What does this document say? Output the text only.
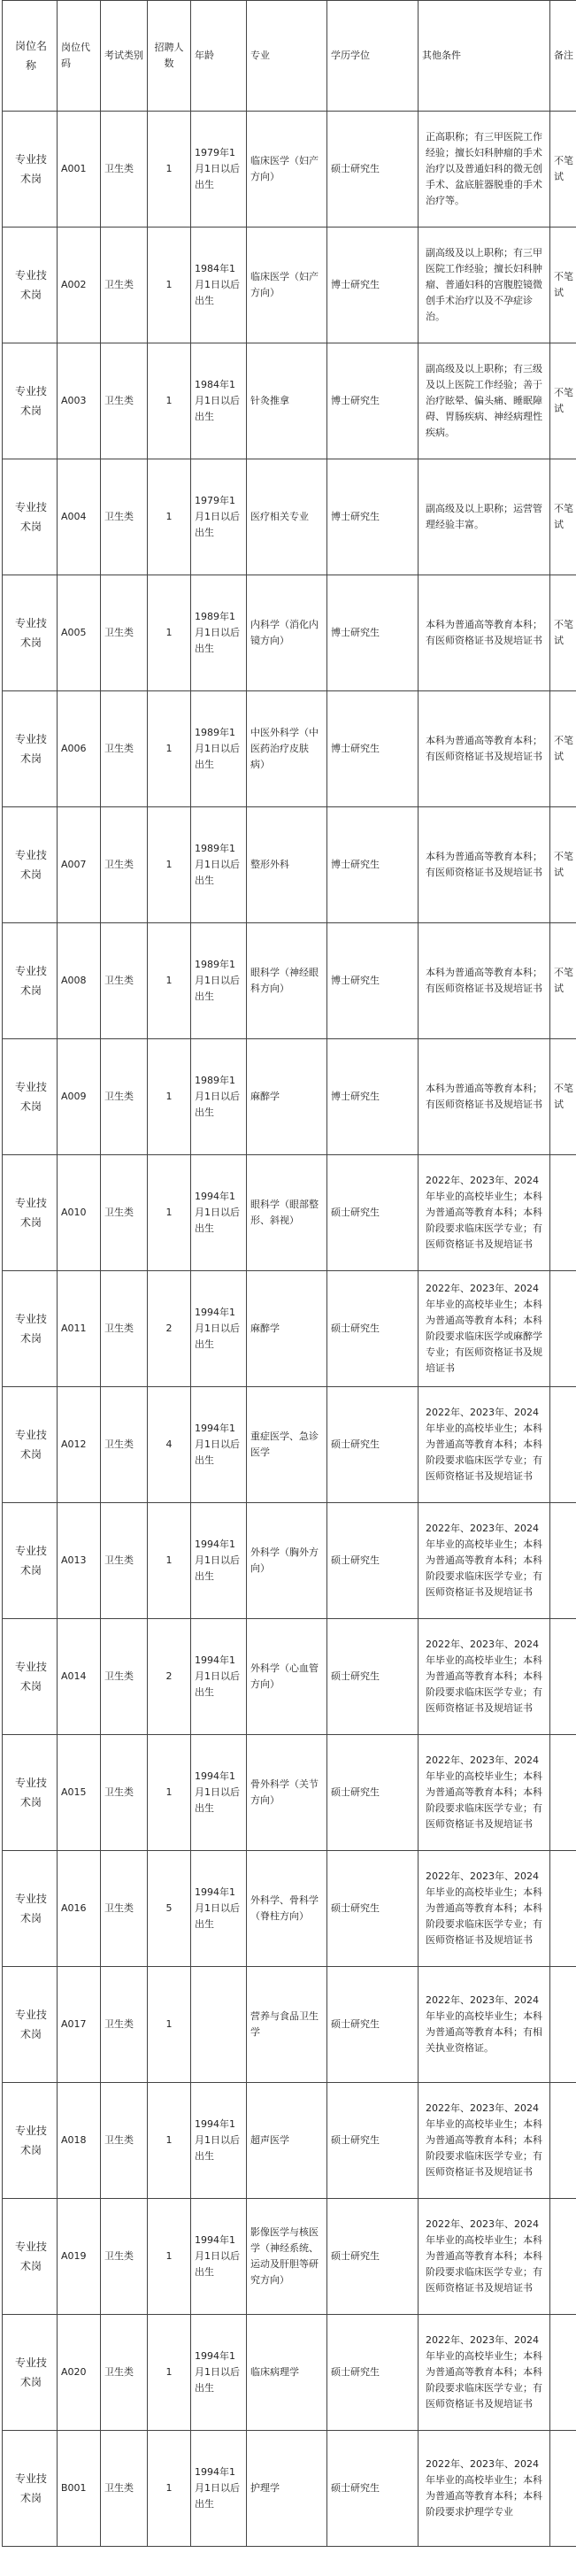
岗位名称	岗位代码	考试类别	招聘人数	年龄	专业	学历学位	其他条件	备注
专业技术岗	A001	卫生类	1	1979年1月1日以后出生	临床医学（妇产方向）	硕士研究生	正高职称；有三甲医院工作经验；擅长妇科肿瘤的手术治疗以及普通妇科的微无创手术、盆底脏器脱垂的手术治疗等。	不笔试
专业技术岗	A002	卫生类	1	1984年1月1日以后出生	临床医学（妇产方向）	博士研究生	副高级及以上职称；有三甲医院工作经验；擅长妇科肿瘤、普通妇科的宫腹腔镜微创手术治疗以及不孕症诊治。	不笔试
专业技术岗	A003	卫生类	1	1984年1月1日以后出生	针灸推拿	博士研究生	副高级及以上职称；有三级及以上医院工作经验；善于治疗眩晕、偏头痛、睡眠障碍、胃肠疾病、神经病理性疾病。	不笔试
专业技术岗	A004	卫生类	1	1979年1月1日以后出生	医疗相关专业	博士研究生	副高级及以上职称；运营管理经验丰富。	不笔试
专业技术岗	A005	卫生类	1	1989年1月1日以后出生	内科学（消化内镜方向）	博士研究生	本科为普通高等教育本科；有医师资格证书及规培证书	不笔试
专业技术岗	A006	卫生类	1	1989年1月1日以后出生	中医外科学（中医药治疗皮肤病）	博士研究生	本科为普通高等教育本科；有医师资格证书及规培证书	不笔试
专业技术岗	A007	卫生类	1	1989年1月1日以后出生	整形外科	博士研究生	本科为普通高等教育本科；有医师资格证书及规培证书	不笔试
专业技术岗	A008	卫生类	1	1989年1月1日以后出生	眼科学（神经眼科方向）	博士研究生	本科为普通高等教育本科；有医师资格证书及规培证书	不笔试
专业技术岗	A009	卫生类	1	1989年1月1日以后出生	麻醉学	博士研究生	本科为普通高等教育本科；有医师资格证书及规培证书	不笔试
专业技术岗	A010	卫生类	1	1994年1月1日以后出生	眼科学（眼部整形、斜视）	硕士研究生	2022年、2023年、2024年毕业的高校毕业生；本科为普通高等教育本科；本科阶段要求临床医学专业；有医师资格证书及规培证书	
专业技术岗	A011	卫生类	2	1994年1月1日以后出生	麻醉学	硕士研究生	2022年、2023年、2024年毕业的高校毕业生；本科为普通高等教育本科；本科阶段要求临床医学或麻醉学专业；有医师资格证书及规培证书	
专业技术岗	A012	卫生类	4	1994年1月1日以后出生	重症医学、急诊医学	硕士研究生	2022年、2023年、2024年毕业的高校毕业生；本科为普通高等教育本科；本科阶段要求临床医学专业；有医师资格证书及规培证书	
专业技术岗	A013	卫生类	1	1994年1月1日以后出生	外科学（胸外方向）	硕士研究生	2022年、2023年、2024年毕业的高校毕业生；本科为普通高等教育本科；本科阶段要求临床医学专业；有医师资格证书及规培证书	
专业技术岗	A014	卫生类	2	1994年1月1日以后出生	外科学（心血管方向）	硕士研究生	2022年、2023年、2024年毕业的高校毕业生；本科为普通高等教育本科；本科阶段要求临床医学专业；有医师资格证书及规培证书	
专业技术岗	A015	卫生类	1	1994年1月1日以后出生	骨外科学（关节方向）	硕士研究生	2022年、2023年、2024年毕业的高校毕业生；本科为普通高等教育本科；本科阶段要求临床医学专业；有医师资格证书及规培证书	
专业技术岗	A016	卫生类	5	1994年1月1日以后出生	外科学、骨科学（脊柱方向）	硕士研究生	2022年、2023年、2024年毕业的高校毕业生；本科为普通高等教育本科；本科阶段要求临床医学专业；有医师资格证书及规培证书	
专业技术岗	A017	卫生类	1		营养与食品卫生学	硕士研究生	2022年、2023年、2024年毕业的高校毕业生；本科为普通高等教育本科；有相关执业资格证。	
专业技术岗	A018	卫生类	1	1994年1月1日以后出生	超声医学	硕士研究生	2022年、2023年、2024年毕业的高校毕业生；本科为普通高等教育本科；本科阶段要求临床医学专业；有医师资格证书及规培证书	
专业技术岗	A019	卫生类	1	1994年1月1日以后出生	影像医学与核医学（神经系统、运动及肝胆等研究方向）	硕士研究生	2022年、2023年、2024年毕业的高校毕业生；本科为普通高等教育本科；本科阶段要求临床医学专业；有医师资格证书及规培证书	
专业技术岗	A020	卫生类	1	1994年1月1日以后出生	临床病理学	硕士研究生	2022年、2023年、2024年毕业的高校毕业生；本科为普通高等教育本科；本科阶段要求临床医学专业；有医师资格证书及规培证书	
专业技术岗	B001	卫生类	1	1994年1月1日以后出生	护理学	硕士研究生	2022年、2023年、2024年毕业的高校毕业生；本科为普通高等教育本科；本科阶段要求护理学专业	
